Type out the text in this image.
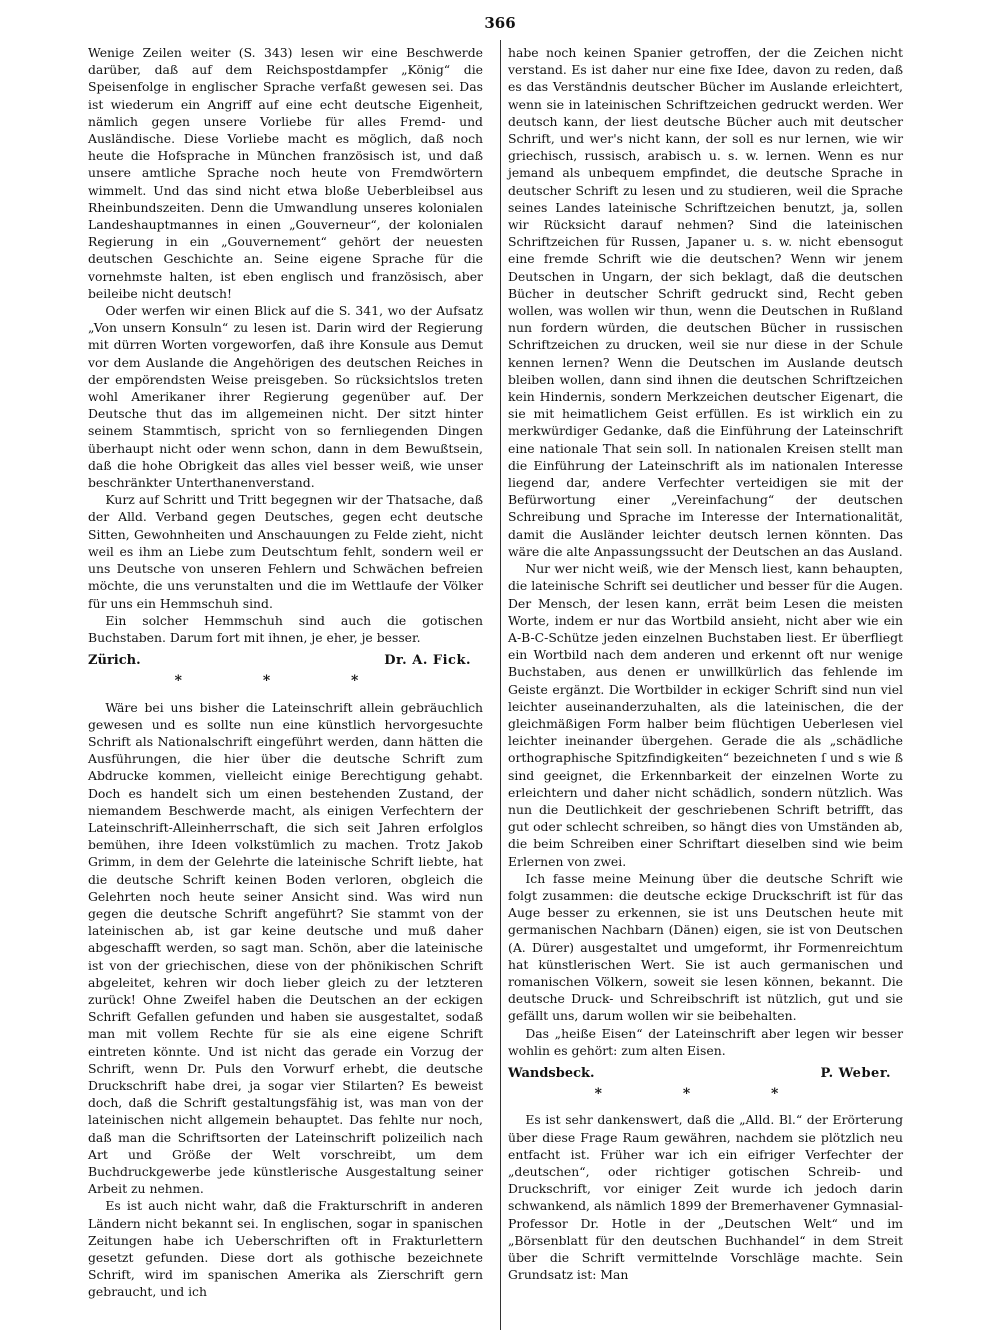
366

Wenige Zeilen weiter (S. 343) lesen wir eine Beschwerde darüber, daß auf dem Reichspostdampfer „König“ die Speisenfolge in englischer Sprache verfaßt gewesen sei. Das ist wiederum ein Angriff auf eine echt deutsche Eigenheit, nämlich gegen unsere Vorliebe für alles Fremd- und Ausländische. Diese Vorliebe macht es möglich, daß noch heute die Hofsprache in München französisch ist, und daß unsere amtliche Sprache noch heute von Fremdwörtern wimmelt. Und das sind nicht etwa bloße Ueberbleibsel aus Rheinbundszeiten. Denn die Umwandlung unseres kolonialen Landeshauptmannes in einen „Gouverneur“, der kolonialen Regierung in ein „Gouvernement“ gehört der neuesten deutschen Geschichte an. Seine eigene Sprache für die vornehmste halten, ist eben englisch und französisch, aber beileibe nicht deutsch!

Oder werfen wir einen Blick auf die S. 341, wo der Aufsatz „Von unsern Konsuln“ zu lesen ist. Darin wird der Regierung mit dürren Worten vorgeworfen, daß ihre Konsule aus Demut vor dem Auslande die Angehörigen des deutschen Reiches in der empörendsten Weise preisgeben. So rücksichtslos treten wohl Amerikaner ihrer Regierung gegenüber auf. Der Deutsche thut das im allgemeinen nicht. Der sitzt hinter seinem Stammtisch, spricht von so fernliegenden Dingen überhaupt nicht oder wenn schon, dann in dem Bewußtsein, daß die hohe Obrigkeit das alles viel besser weiß, wie unser beschränkter Unterthanenverstand.

Kurz auf Schritt und Tritt begegnen wir der Thatsache, daß der Alld. Verband gegen Deutsches, gegen echt deutsche Sitten, Gewohnheiten und Anschauungen zu Felde zieht, nicht weil es ihm an Liebe zum Deutschtum fehlt, sondern weil er uns Deutsche von unseren Fehlern und Schwächen befreien möchte, die uns verunstalten und die im Wettlaufe der Völker für uns ein Hemmschuh sind.

Ein solcher Hemmschuh sind auch die gotischen Buchstaben. Darum fort mit ihnen, je eher, je besser.

Zürich.	Dr. A. Fick.
* * *

Wäre bei uns bisher die Lateinschrift allein gebräuchlich gewesen und es sollte nun eine künstlich hervorgesuchte Schrift als Nationalschrift eingeführt werden, dann hätten die Ausführungen, die hier über die deutsche Schrift zum Abdrucke kommen, vielleicht einige Berechtigung gehabt. Doch es handelt sich um einen bestehenden Zustand, der niemandem Beschwerde macht, als einigen Verfechtern der Lateinschrift-Alleinherrschaft, die sich seit Jahren erfolglos bemühen, ihre Ideen volkstümlich zu machen. Trotz Jakob Grimm, in dem der Gelehrte die lateinische Schrift liebte, hat die deutsche Schrift keinen Boden verloren, obgleich die Gelehrten noch heute seiner Ansicht sind. Was wird nun gegen die deutsche Schrift angeführt? Sie stammt von der lateinischen ab, ist gar keine deutsche und muß daher abgeschafft werden, so sagt man. Schön, aber die lateinische ist von der griechischen, diese von der phönikischen Schrift abgeleitet, kehren wir doch lieber gleich zu der letzteren zurück! Ohne Zweifel haben die Deutschen an der eckigen Schrift Gefallen gefunden und haben sie ausgestaltet, sodaß man mit vollem Rechte für sie als eine eigene Schrift eintreten könnte. Und ist nicht das gerade ein Vorzug der Schrift, wenn Dr. Puls den Vorwurf erhebt, die deutsche Druckschrift habe drei, ja sogar vier Stilarten? Es beweist doch, daß die Schrift gestaltungsfähig ist, was man von der lateinischen nicht allgemein behauptet. Das fehlte nur noch, daß man die Schriftsorten der Lateinschrift polizeilich nach Art und Größe der Welt vorschreibt, um dem Buchdruckgewerbe jede künstlerische Ausgestaltung seiner Arbeit zu nehmen.

Es ist auch nicht wahr, daß die Frakturschrift in anderen Ländern nicht bekannt sei. In englischen, sogar in spanischen Zeitungen habe ich Ueberschriften oft in Frakturlettern gesetzt gefunden. Diese dort als gothische bezeichnete Schrift, wird im spanischen Amerika als Zierschrift gern gebraucht, und ich

habe noch keinen Spanier getroffen, der die Zeichen nicht verstand. Es ist daher nur eine fixe Idee, davon zu reden, daß es das Verständnis deutscher Bücher im Auslande erleichtert, wenn sie in lateinischen Schriftzeichen gedruckt werden. Wer deutsch kann, der liest deutsche Bücher auch mit deutscher Schrift, und wer's nicht kann, der soll es nur lernen, wie wir griechisch, russisch, arabisch u. s. w. lernen. Wenn es nur jemand als unbequem empfindet, die deutsche Sprache in deutscher Schrift zu lesen und zu studieren, weil die Sprache seines Landes lateinische Schriftzeichen benutzt, ja, sollen wir Rücksicht darauf nehmen? Sind die lateinischen Schriftzeichen für Russen, Japaner u. s. w. nicht ebensogut eine fremde Schrift wie die deutschen? Wenn wir jenem Deutschen in Ungarn, der sich beklagt, daß die deutschen Bücher in deutscher Schrift gedruckt sind, Recht geben wollen, was wollen wir thun, wenn die Deutschen in Rußland nun fordern würden, die deutschen Bücher in russischen Schriftzeichen zu drucken, weil sie nur diese in der Schule kennen lernen? Wenn die Deutschen im Auslande deutsch bleiben wollen, dann sind ihnen die deutschen Schriftzeichen kein Hindernis, sondern Merkzeichen deutscher Eigenart, die sie mit heimatlichem Geist erfüllen. Es ist wirklich ein zu merkwürdiger Gedanke, daß die Einführung der Lateinschrift eine nationale That sein soll. In nationalen Kreisen stellt man die Einführung der Lateinschrift als im nationalen Interesse liegend dar, andere Verfechter verteidigen sie mit der Befürwortung einer „Vereinfachung“ der deutschen Schreibung und Sprache im Interesse der Internationalität, damit die Ausländer leichter deutsch lernen könnten. Das wäre die alte Anpassungssucht der Deutschen an das Ausland.

Nur wer nicht weiß, wie der Mensch liest, kann behaupten, die lateinische Schrift sei deutlicher und besser für die Augen. Der Mensch, der lesen kann, errät beim Lesen die meisten Worte, indem er nur das Wortbild ansieht, nicht aber wie ein A-B-C-Schütze jeden einzelnen Buchstaben liest. Er überfliegt ein Wortbild nach dem anderen und erkennt oft nur wenige Buchstaben, aus denen er unwillkürlich das fehlende im Geiste ergänzt. Die Wortbilder in eckiger Schrift sind nun viel leichter auseinanderzuhalten, als die lateinischen, die der gleichmäßigen Form halber beim flüchtigen Ueberlesen viel leichter ineinander übergehen. Gerade die als „schädliche orthographische Spitzfindigkeiten“ bezeichneten ſ und s wie ß sind geeignet, die Erkennbarkeit der einzelnen Worte zu erleichtern und daher nicht schädlich, sondern nützlich. Was nun die Deutlichkeit der geschriebenen Schrift betrifft, das gut oder schlecht schreiben, so hängt dies von Umständen ab, die beim Schreiben einer Schriftart dieselben sind wie beim Erlernen von zwei.

Ich fasse meine Meinung über die deutsche Schrift wie folgt zusammen: die deutsche eckige Druckschrift ist für das Auge besser zu erkennen, sie ist uns Deutschen heute mit germanischen Nachbarn (Dänen) eigen, sie ist von Deutschen (A. Dürer) ausgestaltet und umgeformt, ihr Formenreichtum hat künstlerischen Wert. Sie ist auch germanischen und romanischen Völkern, soweit sie lesen können, bekannt. Die deutsche Druck- und Schreibschrift ist nützlich, gut und sie gefällt uns, darum wollen wir sie beibehalten.

Das „heiße Eisen“ der Lateinschrift aber legen wir besser wohlin es gehört: zum alten Eisen.

Wandsbeck.	P. Weber.
* * *

Es ist sehr dankenswert, daß die „Alld. Bl.“ der Erörterung über diese Frage Raum gewähren, nachdem sie plötzlich neu entfacht ist. Früher war ich ein eifriger Verfechter der „deutschen“, oder richtiger gotischen Schreib- und Druckschrift, vor einiger Zeit wurde ich jedoch darin schwankend, als nämlich 1899 der Bremerhavener Gymnasial-Professor Dr. Hotle in der „Deutschen Welt“ und im „Börsenblatt für den deutschen Buchhandel“ in dem Streit über die Schrift vermittelnde Vorschläge machte. Sein Grundsatz ist: Man
